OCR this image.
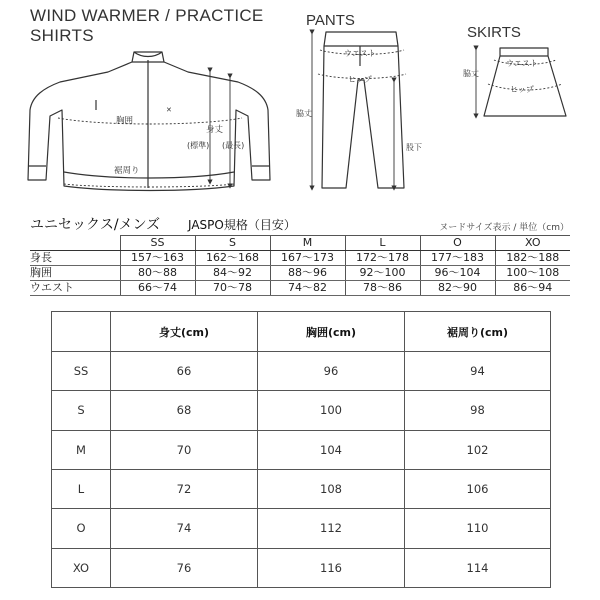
WIND WARMER / PRACTICE
SHIRTS
PANTS
SKIRTS
✕
胸囲
身丈
(標準) (最長)
裾周り
ウエスト
ヒップ
脇丈
股下
脇丈
ウエスト
ヒップ
ユニセックス/メンズ JASPO規格（目安）	ヌードサイズ表示 / 単位（cm）
	SS	S	M	L	O	XO
身長	157〜163	162〜168	167〜173	172〜178	177〜183	182〜188
胸囲	80〜88	84〜92	88〜96	92〜100	96〜104	100〜108
ウエスト	66〜74	70〜78	74〜82	78〜86	82〜90	86〜94
	身丈(cm)	胸囲(cm)	裾周り(cm)
SS	66	96	94
S	68	100	98
M	70	104	102
L	72	108	106
O	74	112	110
XO	76	116	114
